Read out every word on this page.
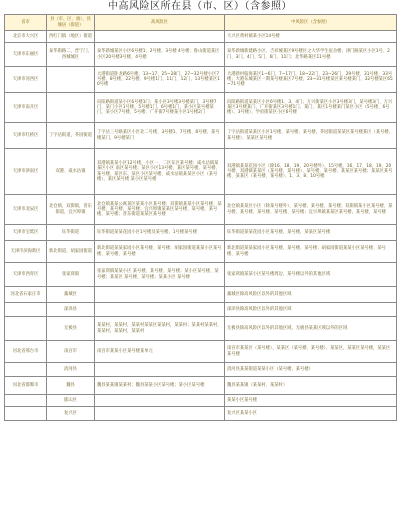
中高风险区所在县（市、区）（含参照）
省市	县（市、区、旗）、县城居（街道）	高风险区	中风险区（含参照）
北京市大兴区	西红门镇（地区）街道		大兴区黄村镇某小区14号楼
天津市东丽区	泰华街路二、晋宁门、西城城区	泰华新城某区小区6号楼1、2号楼、3号楼 4号楼；鲁山街道某区小区20号楼3号楼、4号楼	泰华新城新建路小区、吉祥城某区9号楼区之大华学生宿舍楼；津门路某区小区1号、2门、3门、4门、5门、6门、11门；北华路某区11号楼
天津市河西区		大港街道卧龙路6号楼、13~17、25~28门、27~32号楼小区7号楼、8号楼、22号楼、9号楼1门、11门、12门、13号楼某区10号楼	大港新村临海某区1~6门、7~17门、18~22门、23~26门、29号楼、31号楼、33号楼；大港东城某区一期某号楼某区7号楼、23~31号楼某区某号楼某门、32号楼某区65~71号楼
天津市南开区		向阳路街道某小区6号楼1门；某小区3号楼3号楼某门，3号楼7门、某门小区1号楼、5号楼1门，6号楼1门，某小区某号楼某门，某小区7号楼、5号楼、广开街7号楼某小区1号楼2门	向阳路街道某某区小区6号楼1、3、4门；万兴街某区小区3号楼3门，某号楼3门、万兴某区3号楼某门、广开街某区3号楼1门、某门、某区1号楼某门某区小区（5号楼、6号楼）、3号楼）、学府街某区小区6号楼
天津市红桥区	丁字沽街道，芥园街道	丁字沽三号路某区小区北二号楼、3号楼1、7号楼、8号楼、某号楼某门，9号楼某门	丁字沽街道某某区小区1号楼、某号楼、某号楼，芥园街道某某区某号楼某区（某号楼、某号楼）、某某区某号楼
天津市津南区	双港、咸水沽镇	双港镇某某小区12号楼，小区一、二区东区某号楼；咸水沽镇某某区小区 南区某号楼；某区小区13号楼、某区某号楼、某号楼、某号楼、某区东、某区小区某号楼、咸水沽镇某某区小区（某号楼）、某区某号楼 某小区某号楼	双港镇某某花园小区（除16、18、19、20号楼外）、15号楼，16、17、18、19、20号楼、双港镇某某区（某号楼、某号楼）、某号楼，某号楼、某某区某号楼；某某区某号楼、某某区（某号楼、某号楼）、1、3、8、10号楼
天津市北辰区	北仓镇，双街镇，普东街道，宜兴埠镇	北仓镇某某公寓某区某某小区某号楼；双街镇某某小区某号楼、某号楼、某号楼、某号楼；宜兴埠镇某某区某号楼、某号楼，某号楼、某号楼；普东街道某某区某号楼	北仓镇某某区小区（除某号楼外）、某号楼、某号楼、某号楼；双街镇某小区某号楼、某号楼、某号楼、某号楼、某号楼、某号楼；宜兴埠镇某某区某号楼，某号楼、某号楼
天津市宝坻区	钰华街道	钰华街道某某花园小区1号楼及某号楼、1号楼某号楼	钰华街道某某花园小区某号楼、某号楼，某某区某号楼
天津市滨海新区	新北街道，胡家园街道	新北街道某某家园小区某号楼、某号楼；胡家园街道某某小区某号楼、某号楼、某号楼	新北街道某某家园小区某号楼、某号楼、某号楼；胡家园街道某某小区某号楼、某号楼、某号楼
天津市西青区	张家窝镇	张家窝镇某某小区 某号楼、某号楼、某号楼；某小区某号楼、某号楼；某某区 某号楼、某号楼；某某小区 某号楼	张家窝镇某某小区某号楼周边、某号楼以外的其他区域
河北省石家庄市	藁城区		藁城区除高风险区以外的其他区域
	深泽县		深泽县除高风险区以外的其他区域
	无极县	某某村，某某村，某某村某某区某某村，某某村；某某村某某村，某某村，某某村，某某村	无极县除高风险区以外的其他区域，无极县某某区域以外的区域
河北省邢台市	南宫市	南宫市某某小区某号楼某单元	南宫市某某区（某号楼）、某某区（某号楼、某号楼）、某某区，某某区某号楼，某某区某号楼
	清河县		清河县某某街道某某小区（某号楼、某号楼）
河北省邯郸市	魏县	魏县某某镇某某村；魏县某某小区某号楼；某小区某号楼	魏县某某镇（某某村、某某村）
	邯山区		某某小区某号楼
	复兴区		复兴区某某小区
